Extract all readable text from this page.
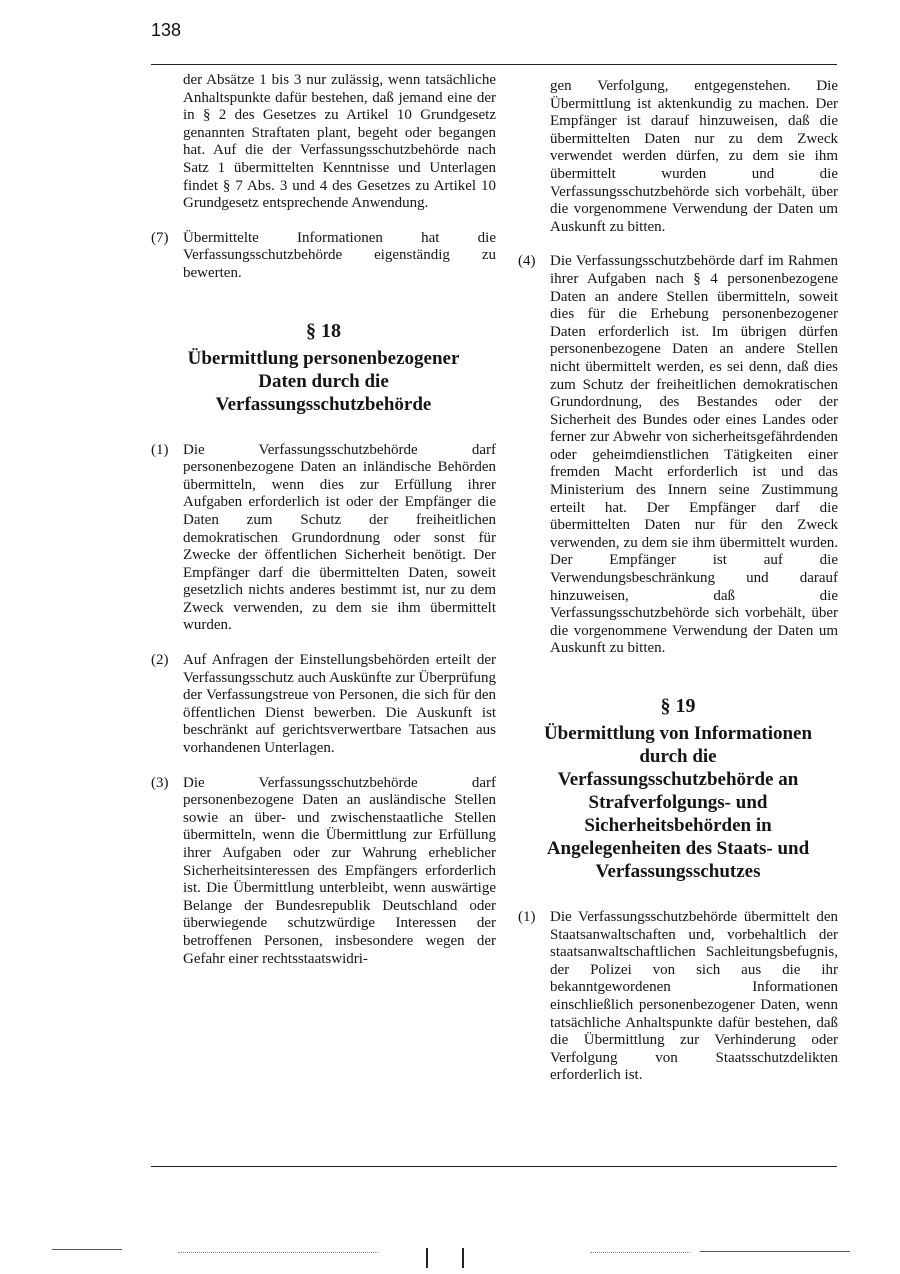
138

der Absätze 1 bis 3 nur zulässig, wenn tatsächliche Anhaltspunkte dafür bestehen, daß jemand eine der in § 2 des Gesetzes zu Artikel 10 Grundgesetz genannten Straftaten plant, begeht oder begangen hat. Auf die der Verfassungsschutzbehörde nach Satz 1 übermittelten Kenntnisse und Unterlagen findet § 7 Abs. 3 und 4 des Gesetzes zu Artikel 10 Grundgesetz entsprechende Anwendung.

(7) Übermittelte Informationen hat die Verfassungsschutzbehörde eigenständig zu bewerten.
§ 18
Übermittlung personenbezogener Daten durch die Verfassungsschutzbehörde
(1) Die Verfassungsschutzbehörde darf personenbezogene Daten an inländische Behörden übermitteln, wenn dies zur Erfüllung ihrer Aufgaben erforderlich ist oder der Empfänger die Daten zum Schutz der freiheitlichen demokratischen Grundordnung oder sonst für Zwecke der öffentlichen Sicherheit benötigt. Der Empfänger darf die übermittelten Daten, soweit gesetzlich nichts anderes bestimmt ist, nur zu dem Zweck verwenden, zu dem sie ihm übermittelt wurden.
(2) Auf Anfragen der Einstellungsbehörden erteilt der Verfassungsschutz auch Auskünfte zur Überprüfung der Verfassungstreue von Personen, die sich für den öffentlichen Dienst bewerben. Die Auskunft ist beschränkt auf gerichtsverwertbare Tatsachen aus vorhandenen Unterlagen.
(3) Die Verfassungsschutzbehörde darf personenbezogene Daten an ausländische Stellen sowie an über- und zwischenstaatliche Stellen übermitteln, wenn die Übermittlung zur Erfüllung ihrer Aufgaben oder zur Wahrung erheblicher Sicherheitsinteressen des Empfängers erforderlich ist. Die Übermittlung unterbleibt, wenn auswärtige Belange der Bundesrepublik Deutschland oder überwiegende schutzwürdige Interessen der betroffenen Personen, insbesondere wegen der Gefahr einer rechtsstaatswidri-

gen Verfolgung, entgegenstehen. Die Übermittlung ist aktenkundig zu machen. Der Empfänger ist darauf hinzuweisen, daß die übermittelten Daten nur zu dem Zweck verwendet werden dürfen, zu dem sie ihm übermittelt wurden und die Verfassungsschutzbehörde sich vorbehält, über die vorgenommene Verwendung der Daten um Auskunft zu bitten.

(4) Die Verfassungsschutzbehörde darf im Rahmen ihrer Aufgaben nach § 4 personenbezogene Daten an andere Stellen übermitteln, soweit dies für die Erhebung personenbezogener Daten erforderlich ist. Im übrigen dürfen personenbezogene Daten an andere Stellen nicht übermittelt werden, es sei denn, daß dies zum Schutz der freiheitlichen demokratischen Grundordnung, des Bestandes oder der Sicherheit des Bundes oder eines Landes oder ferner zur Abwehr von sicherheitsgefährdenden oder geheimdienstlichen Tätigkeiten einer fremden Macht erforderlich ist und das Ministerium des Innern seine Zustimmung erteilt hat. Der Empfänger darf die übermittelten Daten nur für den Zweck verwenden, zu dem sie ihm übermittelt wurden. Der Empfänger ist auf die Verwendungsbeschränkung und darauf hinzuweisen, daß die Verfassungsschutzbehörde sich vorbehält, über die vorgenommene Verwendung der Daten um Auskunft zu bitten.
§ 19
Übermittlung von Informationen durch die Verfassungsschutzbehörde an Strafverfolgungs- und Sicherheitsbehörden in Angelegenheiten des Staats- und Verfassungsschutzes
(1) Die Verfassungsschutzbehörde übermittelt den Staatsanwaltschaften und, vorbehaltlich der staatsanwaltschaftlichen Sachleitungsbefugnis, der Polizei von sich aus die ihr bekanntgewordenen Informationen einschließlich personenbezogener Daten, wenn tatsächliche Anhaltspunkte dafür bestehen, daß die Übermittlung zur Verhinderung oder Verfolgung von Staatsschutzdelikten erforderlich ist.
